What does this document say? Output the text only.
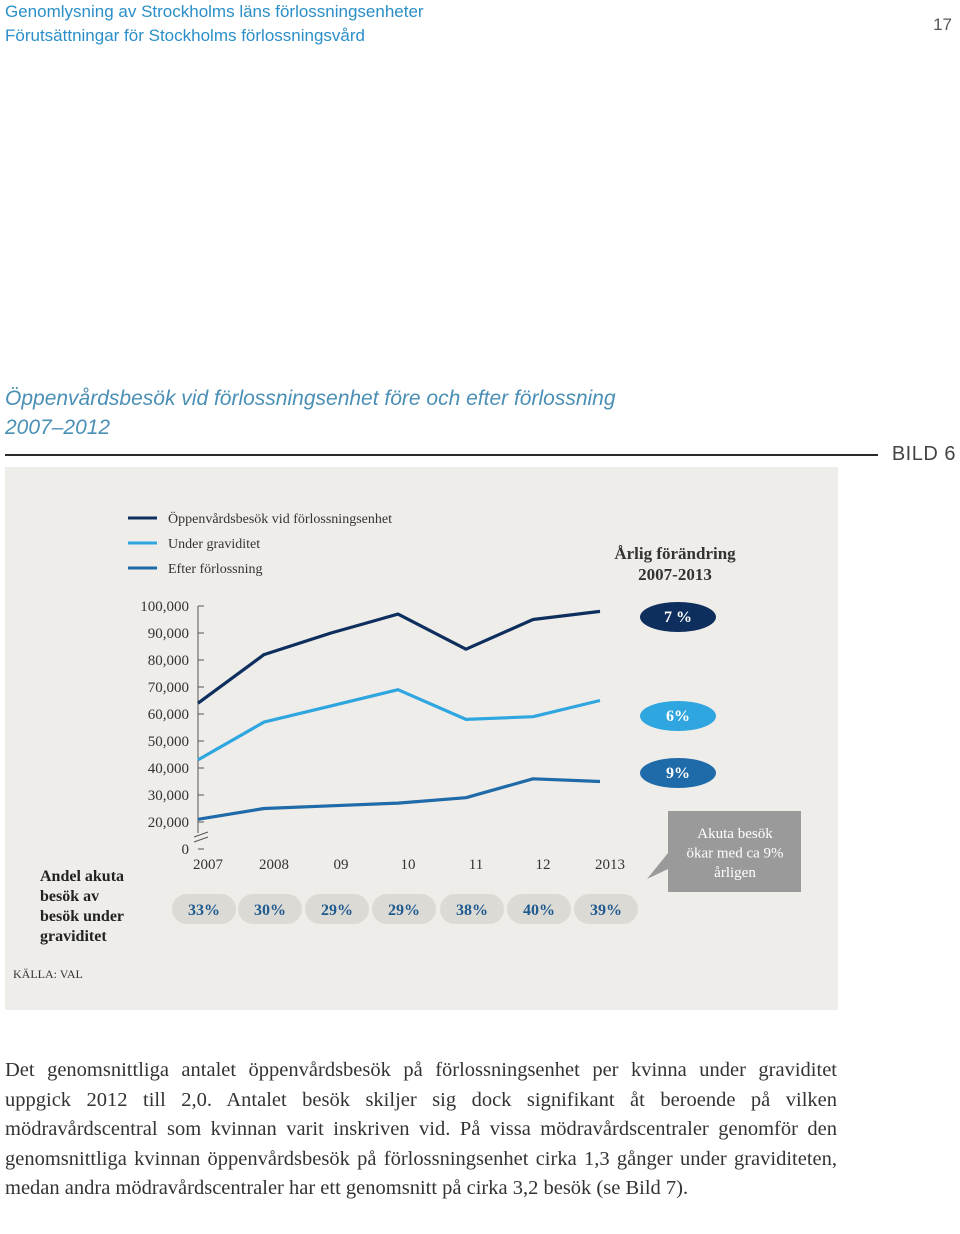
Genomlysning av Strockholms läns förlossningsenheter
Förutsättningar för Stockholms förlossningsvård
17
Öppenvårdsbesök vid förlossningsenhet före och efter förlossning
2007–2012
BILD 6
Öppenvårdsbesök vid förlossningsenhet
Under graviditet
Efter förlossning
Årlig förändring
2007-2013
100,000
90,000
80,000
70,000
60,000
50,000
40,000
30,000
20,000
0
2007 2008	09	10	11	12	2013
7 %
6%
9%
Akuta besök
ökar med ca 9%
årligen
Andel akuta
besök av
besök under
graviditet
33% 30% 29% 29% 38% 40% 39%
KÄLLA: VAL
Det genomsnittliga antalet öppenvårdsbesök på förlossningsenhet per kvinna under graviditet uppgick 2012 till 2,0. Antalet besök skiljer sig dock signifikant åt beroende på vilken mödravårdscentral som kvinnan varit inskriven vid. På vissa mödravårdscentraler genomför den genomsnittliga kvinnan öppenvårdsbesök på förlossningsenhet cirka 1,3 gånger under graviditeten, medan andra mödravårdscentraler har ett genomsnitt på cirka 3,2 besök (se Bild 7).
